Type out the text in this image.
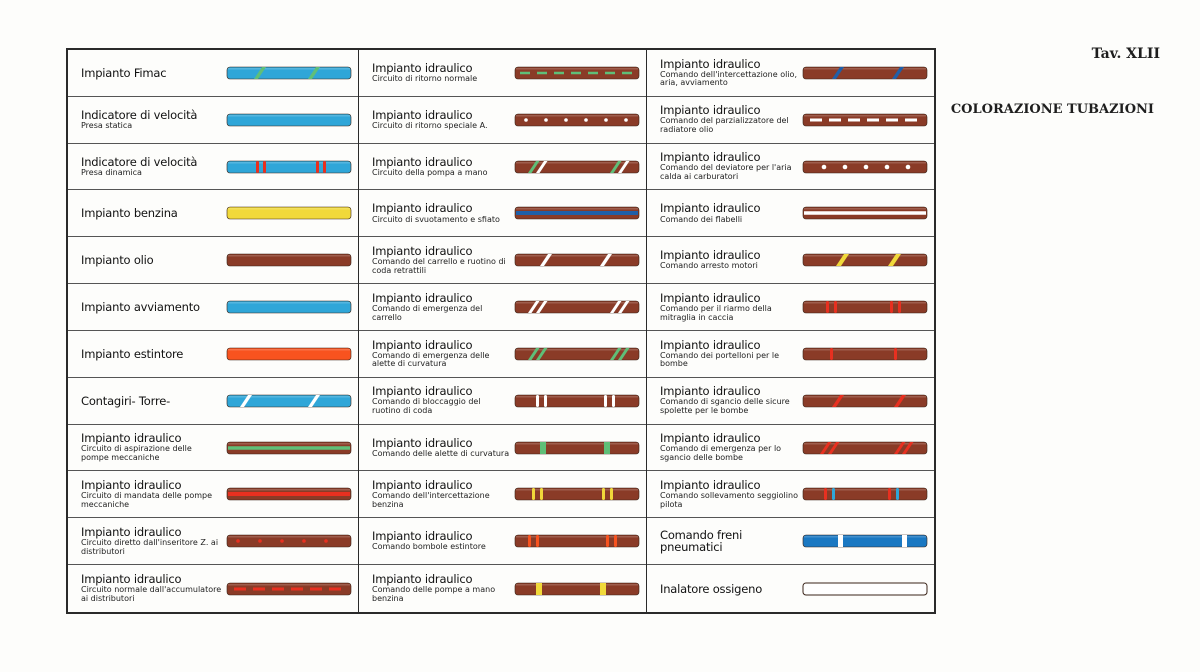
Tav. XLII
COLORAZIONE TUBAZIONI
Impianto Fimac
Indicatore di velocità
Presa statica
Indicatore di velocità
Presa dinamica
Impianto benzina
Impianto olio
Impianto avviamento
Impianto estintore
Contagiri- Torre-
Impianto idraulico
Circuito di aspirazione delle pompe meccaniche
Impianto idraulico
Circuito di mandata delle pompe meccaniche
Impianto idraulico
Circuito diretto dall'inseritore Z. ai distributori
Impianto idraulico
Circuito normale dall'accumulatore ai distributori
Impianto idraulico
Circuito di ritorno normale
Impianto idraulico
Circuito di ritorno speciale A.
Impianto idraulico
Circuito della pompa a mano
Impianto idraulico
Circuito di svuotamento e sfiato
Impianto idraulico
Comando del carrello e ruotino di coda retrattili
Impianto idraulico
Comando di emergenza del carrello
Impianto idraulico
Comando di emergenza delle alette di curvatura
Impianto idraulico
Comando di bloccaggio del ruotino di coda
Impianto idraulico
Comando delle alette di curvatura
Impianto idraulico
Comando dell'intercettazione benzina
Impianto idraulico
Comando bombole estintore
Impianto idraulico
Comando delle pompe a mano benzina
Impianto idraulico
Comando dell'intercettazione olio, aria, avviamento
Impianto idraulico
Comando del parzializzatore del radiatore olio
Impianto idraulico
Comando del deviatore per l'aria calda ai carburatori
Impianto idraulico
Comando dei flabelli
Impianto idraulico
Comando arresto motori
Impianto idraulico
Comando per il riarmo della mitraglia in caccia
Impianto idraulico
Comando dei portelloni per le bombe
Impianto idraulico
Comando di sgancio delle sicure spolette per le bombe
Impianto idraulico
Comando di emergenza per lo sgancio delle bombe
Impianto idraulico
Comando sollevamento seggiolino pilota
Comando freni pneumatici
Inalatore ossigeno
